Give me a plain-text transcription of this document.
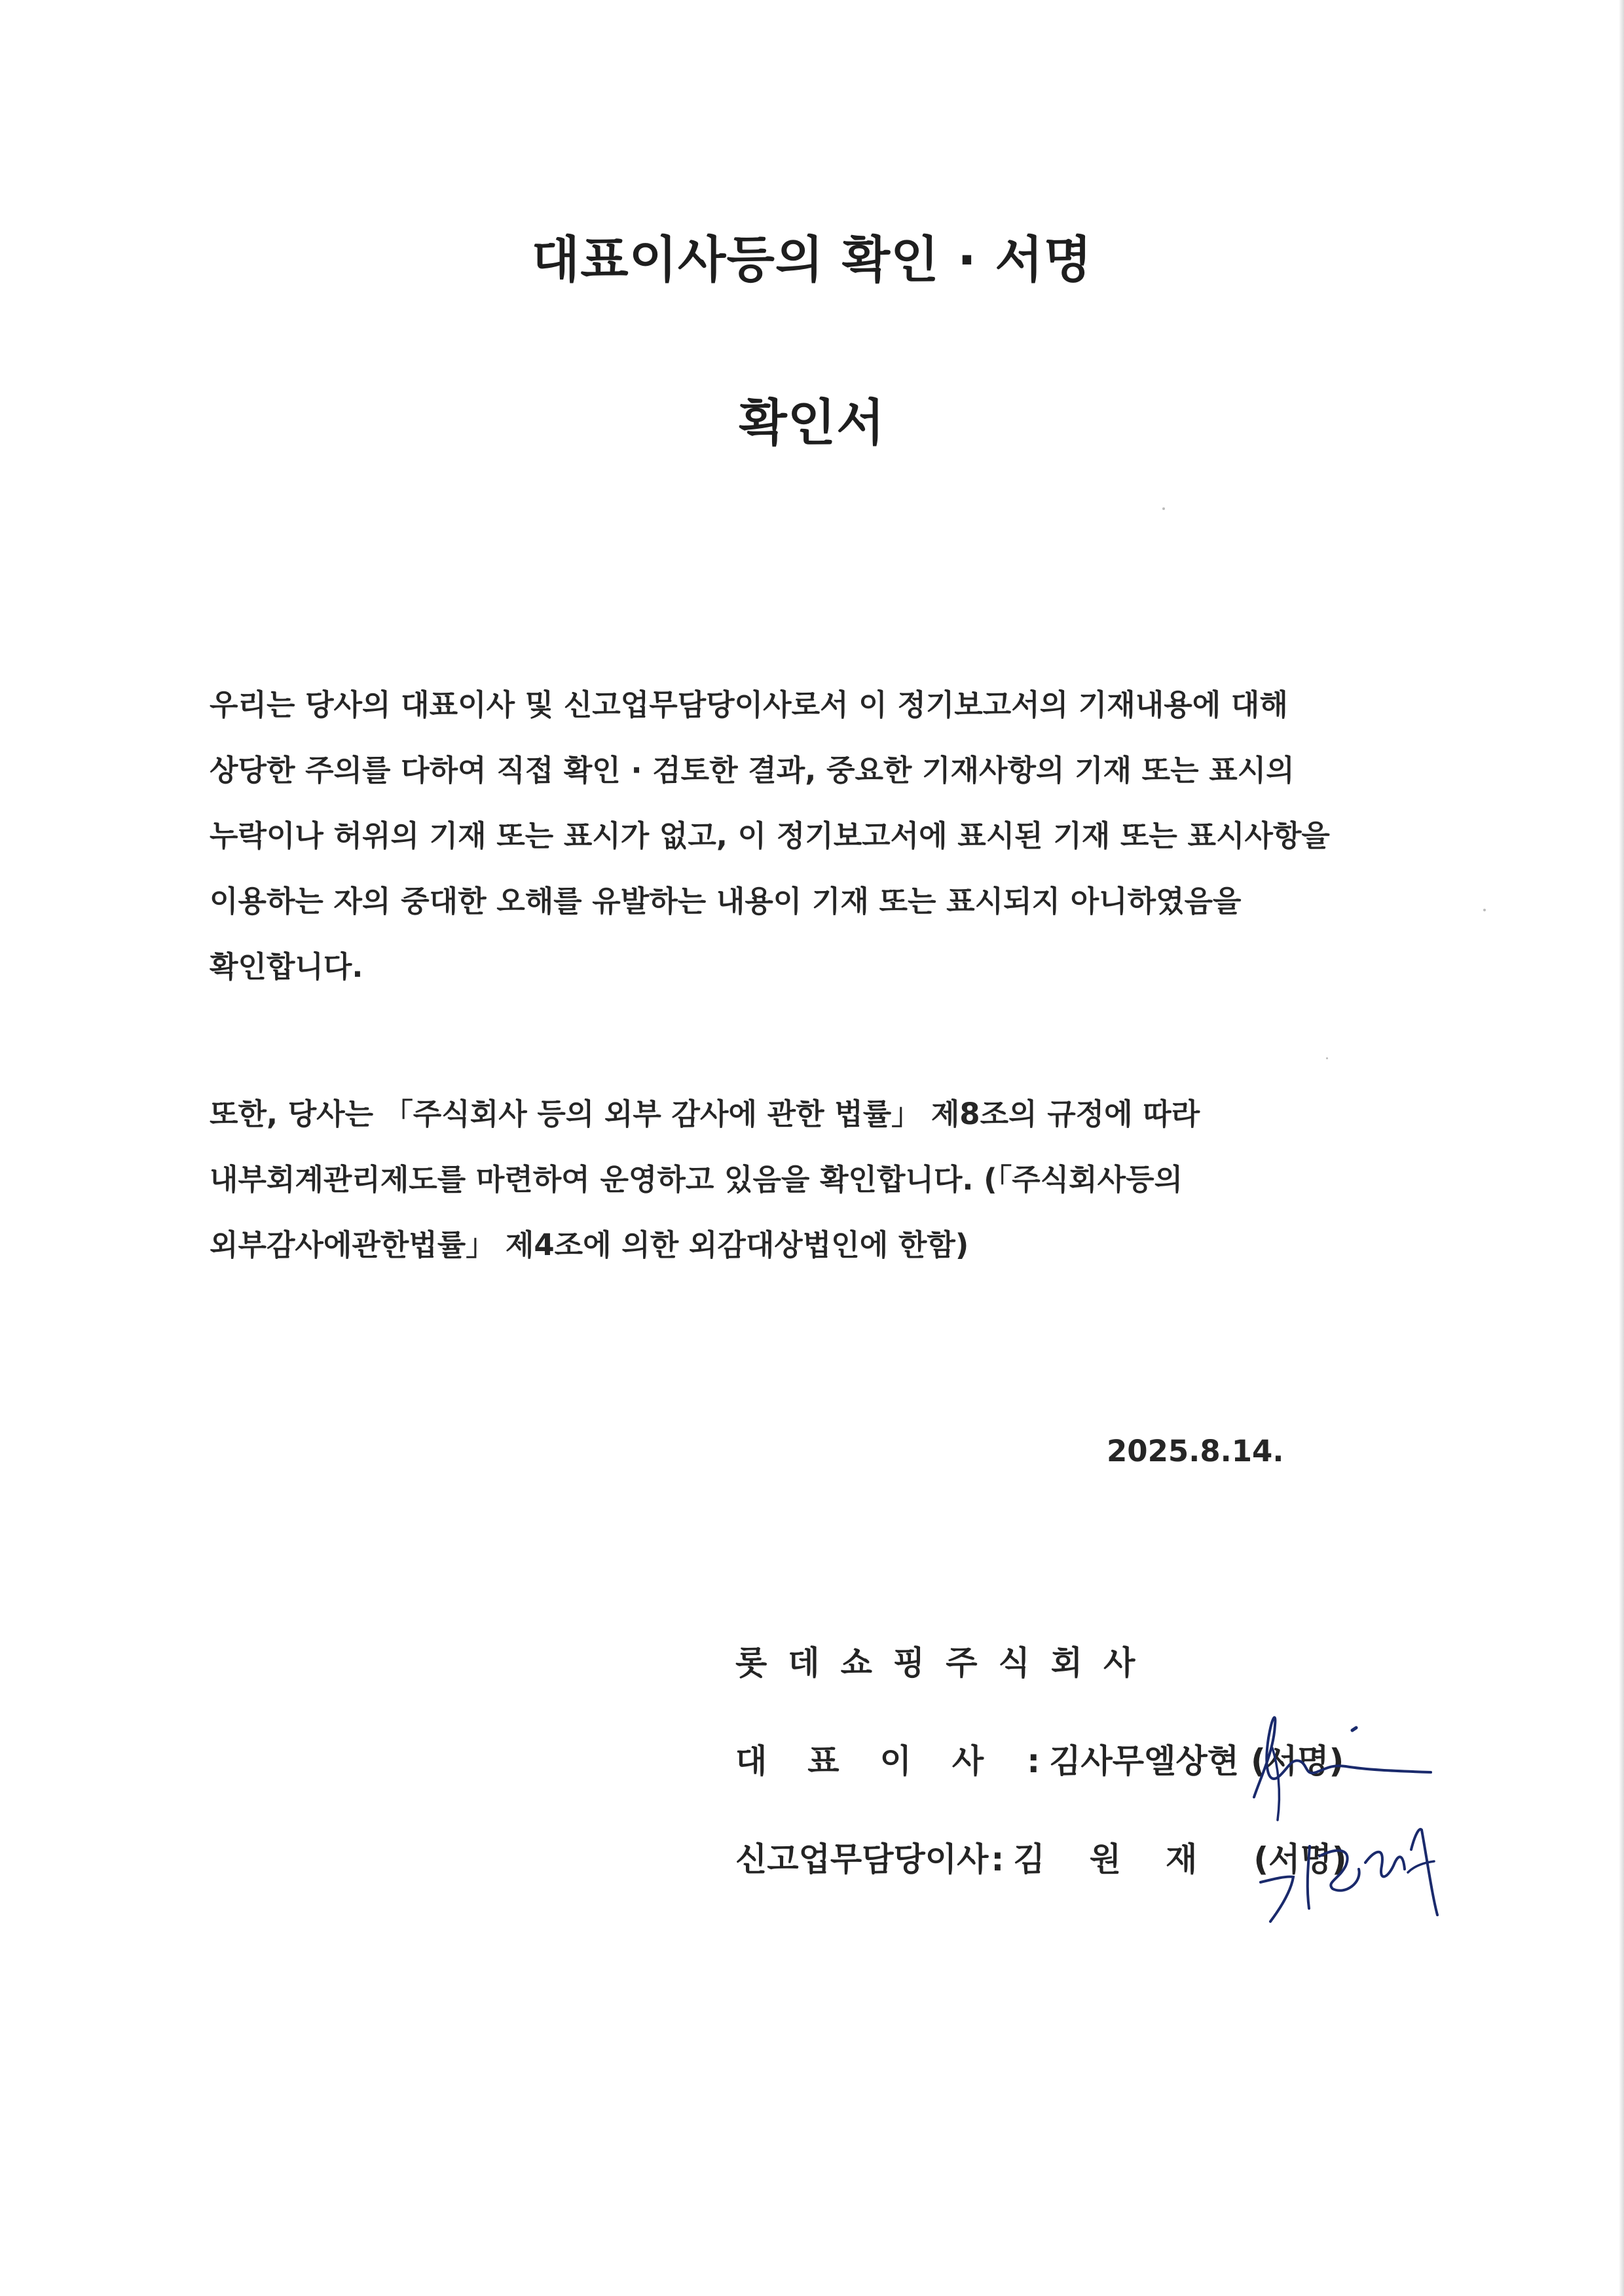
대표이사등의 확인 · 서명
확인서
우리는 당사의 대표이사 및 신고업무담당이사로서 이 정기보고서의 기재내용에 대해
상당한 주의를 다하여 직접 확인 · 검토한 결과, 중요한 기재사항의 기재 또는 표시의
누락이나 허위의 기재 또는 표시가 없고, 이 정기보고서에 표시된 기재 또는 표시사항을
이용하는 자의 중대한 오해를 유발하는 내용이 기재 또는 표시되지 아니하였음을
확인합니다.
또한, 당사는 「주식회사 등의 외부 감사에 관한 법률」 제8조의 규정에 따라
내부회계관리제도를 마련하여 운영하고 있음을 확인합니다. (「주식회사등의
외부감사에관한법률」 제4조에 의한 외감대상법인에 한함)
2025.8.14.
롯데쇼핑주식회사
대표이사: 김사무엘상현 (서명)
신고업무담당이사: 김원재 (서명)
